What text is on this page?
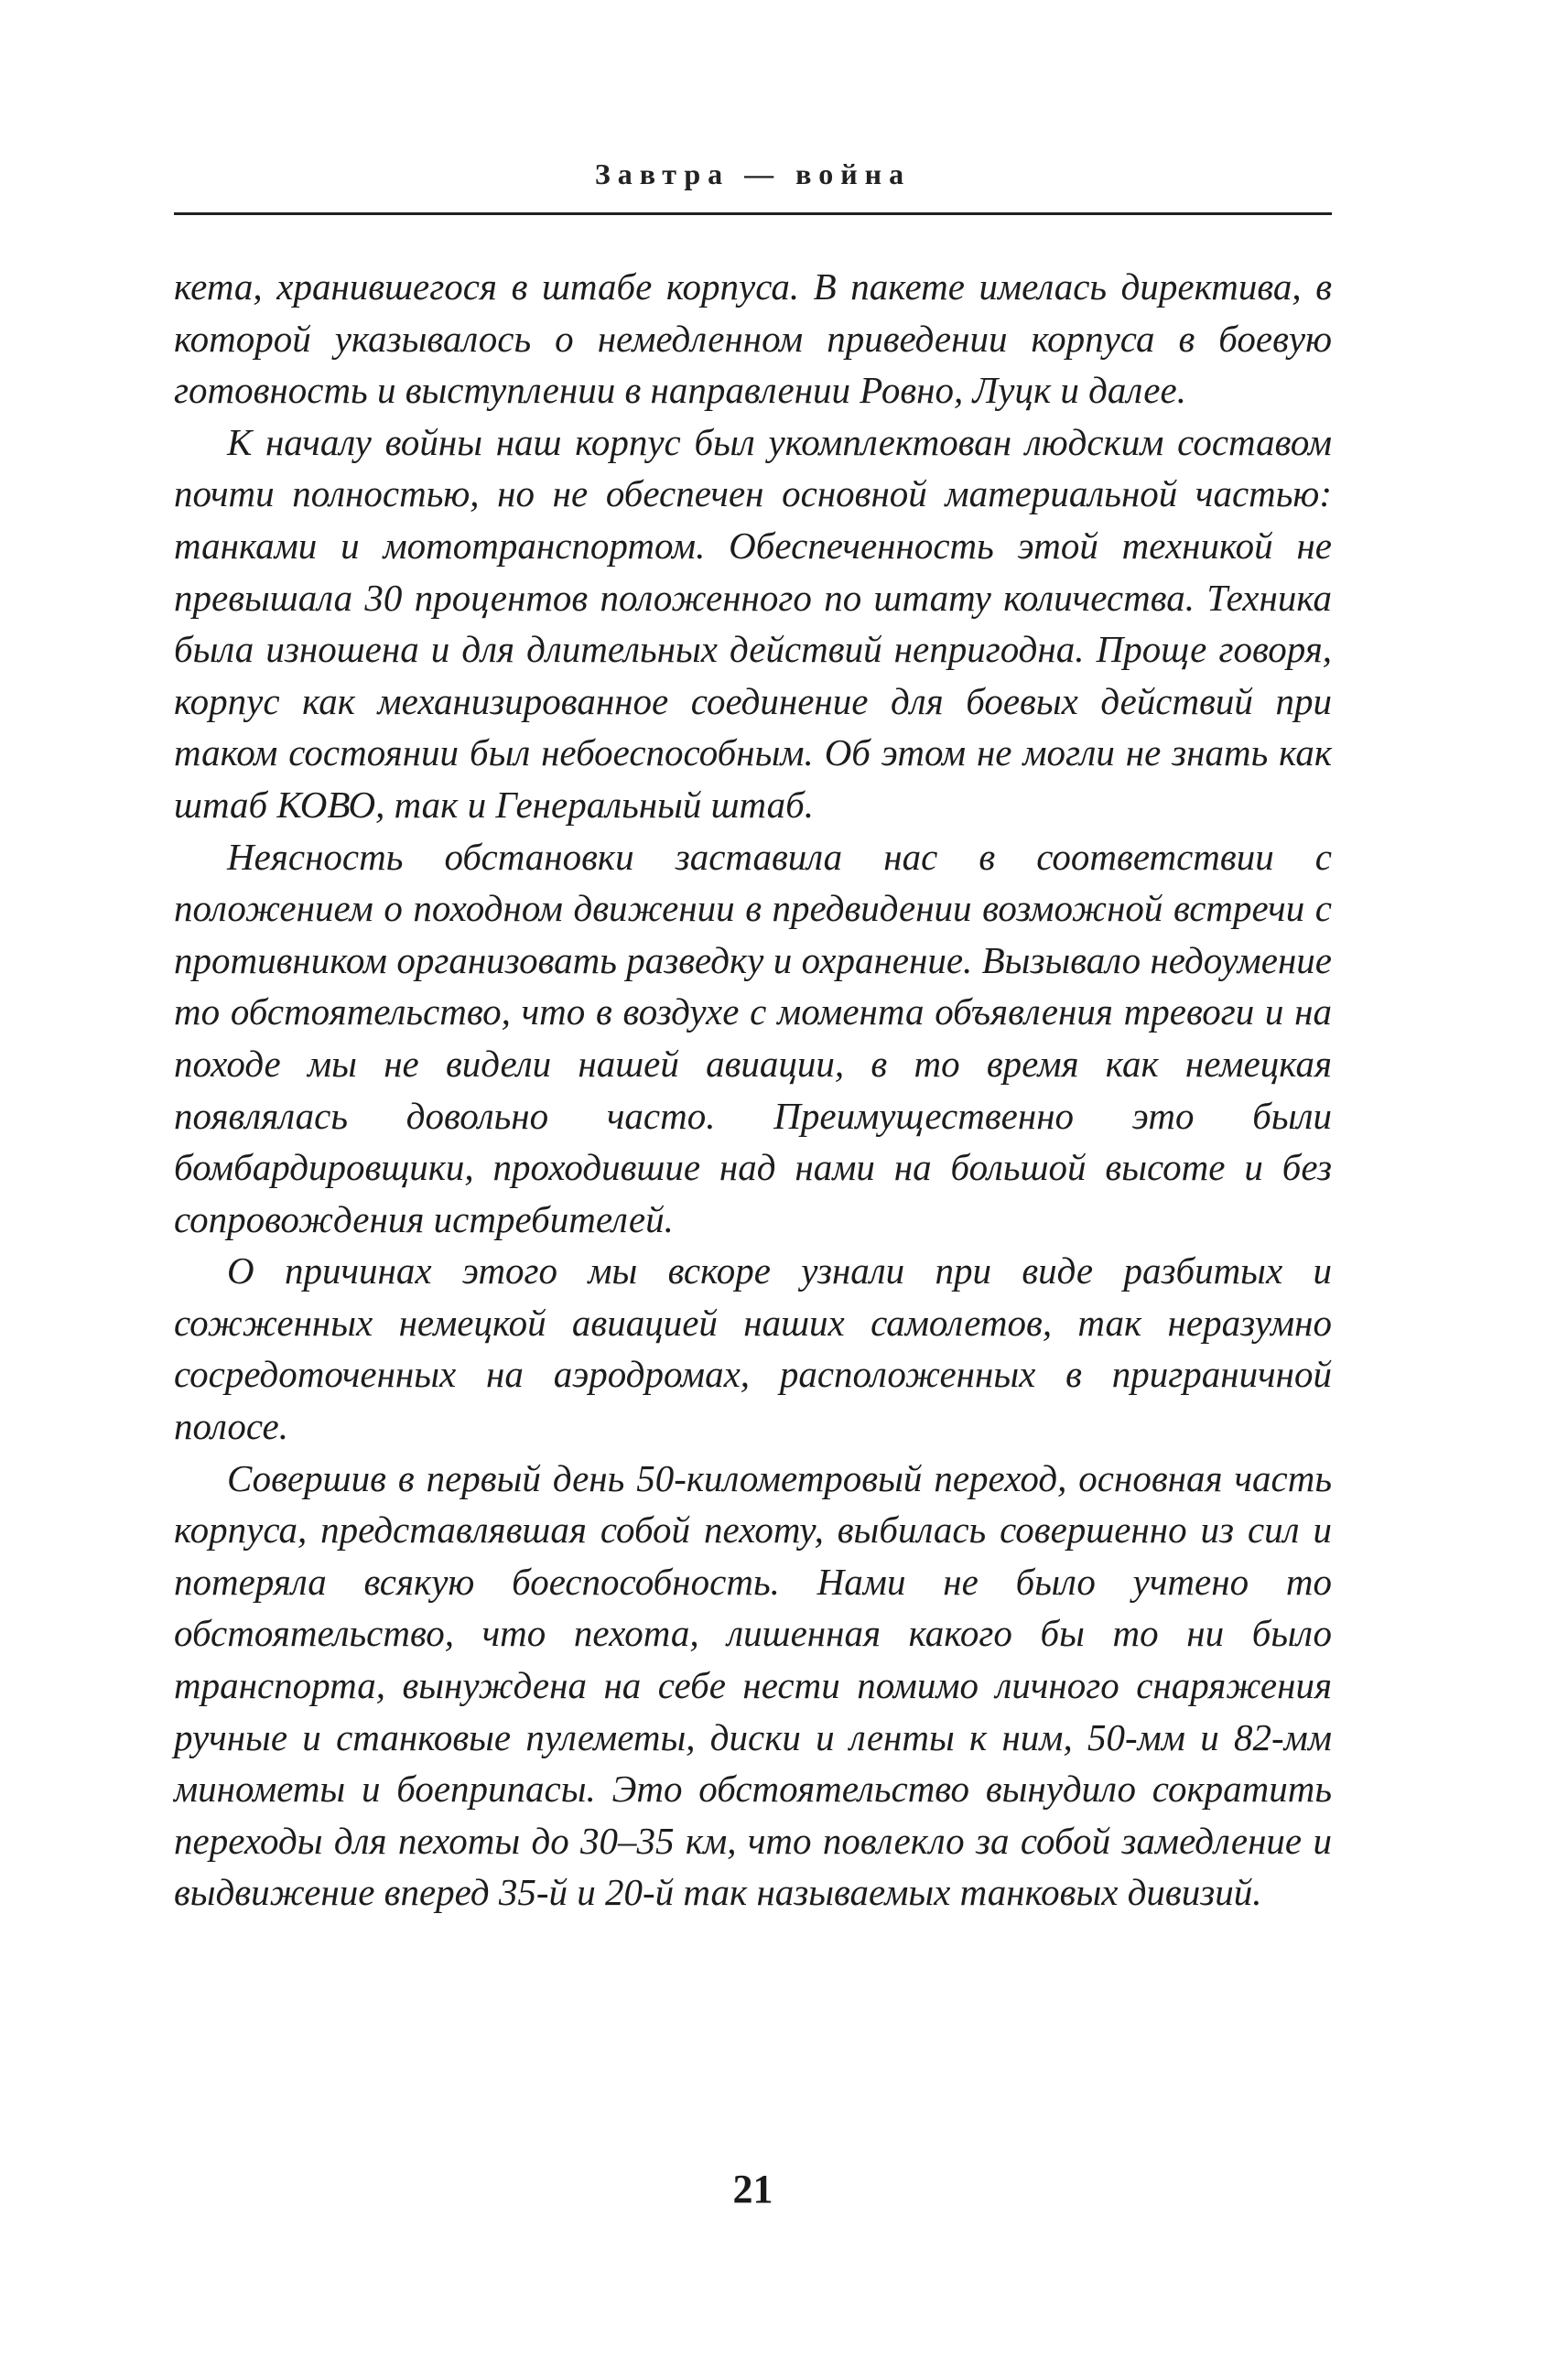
Завтра — война

кета, хранившегося в штабе корпуса. В пакете имелась директива, в которой указывалось о немедленном приведении корпуса в боевую готовность и выступлении в направлении Ровно, Луцк и далее.

К началу войны наш корпус был укомплектован людским составом почти полностью, но не обеспечен основной материальной частью: танками и мототранспортом. Обеспеченность этой техникой не превышала 30 процентов положенного по штату количества. Техника была изношена и для длительных действий непригодна. Проще говоря, корпус как механизированное соединение для боевых действий при таком состоянии был небоеспособным. Об этом не могли не знать как штаб КОВО, так и Генеральный штаб.

Неясность обстановки заставила нас в соответствии с положением о походном движении в предвидении возможной встречи с противником организовать разведку и охранение. Вызывало недоумение то обстоятельство, что в воздухе с момента объявления тревоги и на походе мы не видели нашей авиации, в то время как немецкая появлялась довольно часто. Преимущественно это были бомбардировщики, проходившие над нами на большой высоте и без сопровождения истребителей.

О причинах этого мы вскоре узнали при виде разбитых и сожженных немецкой авиацией наших самолетов, так неразумно сосредоточенных на аэродромах, расположенных в приграничной полосе.

Совершив в первый день 50-километровый переход, основная часть корпуса, представлявшая собой пехоту, выбилась совершенно из сил и потеряла всякую боеспособность. Нами не было учтено то обстоятельство, что пехота, лишенная какого бы то ни было транспорта, вынуждена на себе нести помимо личного снаряжения ручные и станковые пулеметы, диски и ленты к ним, 50-мм и 82-мм минометы и боеприпасы. Это обстоятельство вынудило сократить переходы для пехоты до 30–35 км, что повлекло за собой замедление и выдвижение вперед 35-й и 20-й так называемых танковых дивизий.

21
